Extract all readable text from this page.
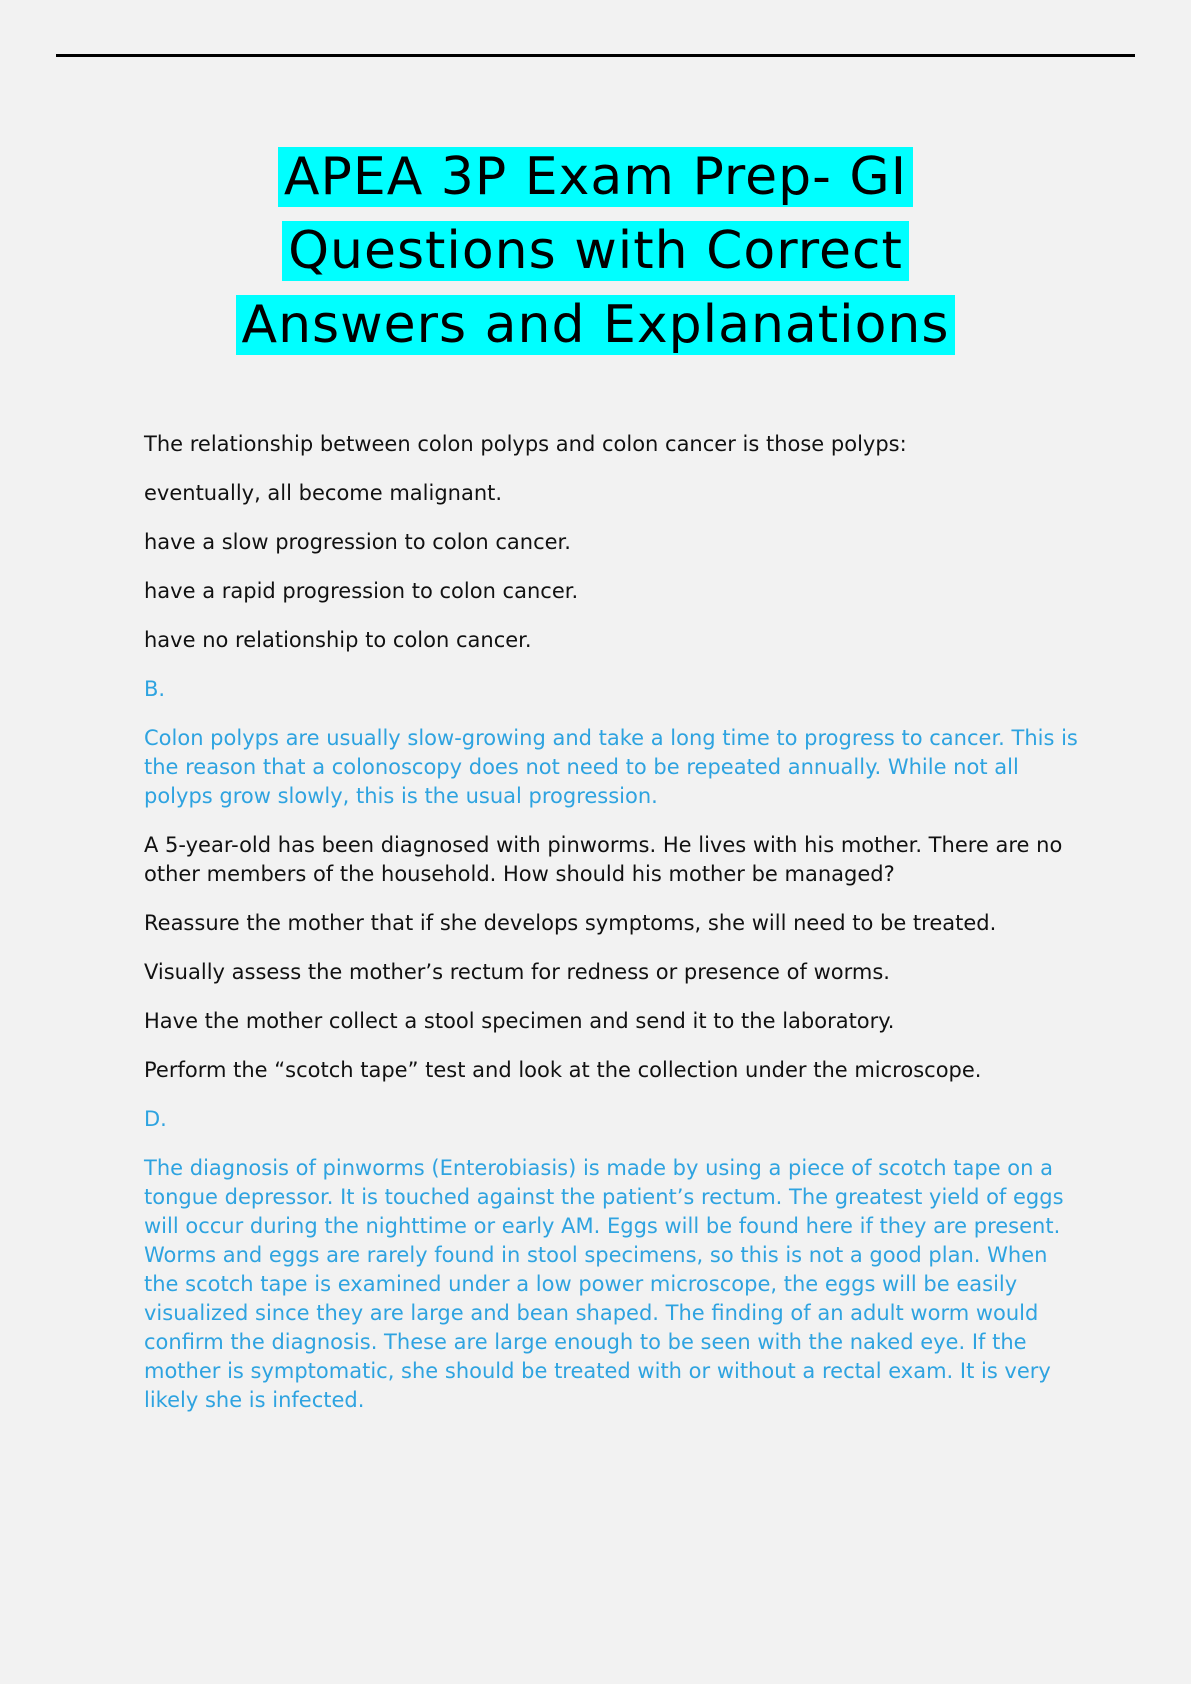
APEA 3P Exam Prep- GI
Questions with Correct
Answers and Explanations

The relationship between colon polyps and colon cancer is those polyps:

eventually, all become malignant.

have a slow progression to colon cancer.

have a rapid progression to colon cancer.

have no relationship to colon cancer.

B.

Colon polyps are usually slow-growing and take a long time to progress to cancer. This is the reason that a colonoscopy does not need to be repeated annually. While not all polyps grow slowly, this is the usual progression.

A 5-year-old has been diagnosed with pinworms. He lives with his mother. There are no other members of the household. How should his mother be managed?

Reassure the mother that if she develops symptoms, she will need to be treated.

Visually assess the mother’s rectum for redness or presence of worms.

Have the mother collect a stool specimen and send it to the laboratory.

Perform the “scotch tape” test and look at the collection under the microscope.

D.

The diagnosis of pinworms (Enterobiasis) is made by using a piece of scotch tape on a tongue depressor. It is touched against the patient’s rectum. The greatest yield of eggs will occur during the nighttime or early AM. Eggs will be found here if they are present. Worms and eggs are rarely found in stool specimens, so this is not a good plan. When the scotch tape is examined under a low power microscope, the eggs will be easily visualized since they are large and bean shaped. The finding of an adult worm would confirm the diagnosis. These are large enough to be seen with the naked eye. If the mother is symptomatic, she should be treated with or without a rectal exam. It is very likely she is infected.
